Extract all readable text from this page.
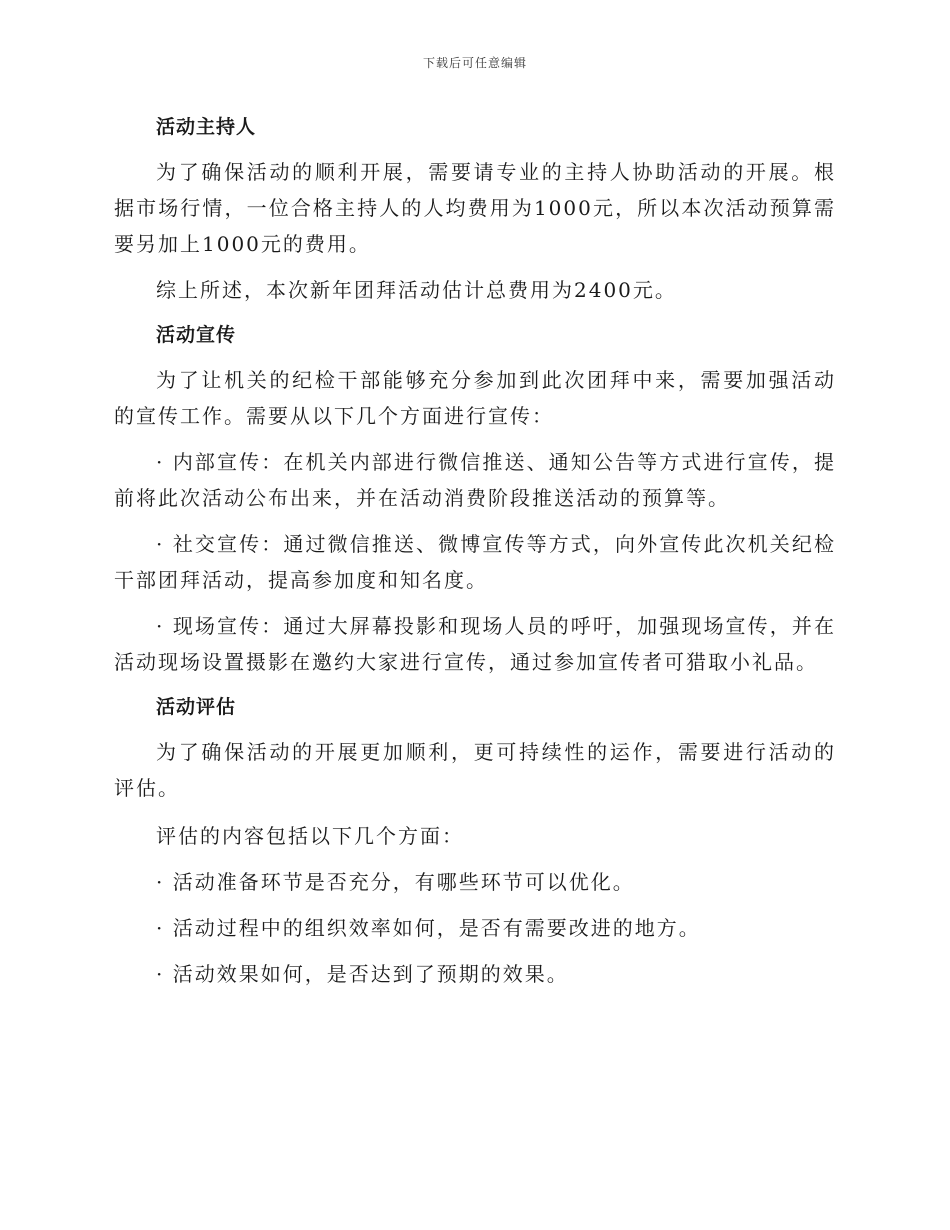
下载后可任意编辑
活动主持人

为了确保活动的顺利开展，需要请专业的主持人协助活动的开展。根据市场行情，一位合格主持人的人均费用为1000元，所以本次活动预算需要另加上1000元的费用。

综上所述，本次新年团拜活动估计总费用为2400元。

活动宣传

为了让机关的纪检干部能够充分参加到此次团拜中来，需要加强活动的宣传工作。需要从以下几个方面进行宣传：

· 内部宣传：在机关内部进行微信推送、通知公告等方式进行宣传，提前将此次活动公布出来，并在活动消费阶段推送活动的预算等。

· 社交宣传：通过微信推送、微博宣传等方式，向外宣传此次机关纪检干部团拜活动，提高参加度和知名度。

· 现场宣传：通过大屏幕投影和现场人员的呼吁，加强现场宣传，并在活动现场设置摄影在邀约大家进行宣传，通过参加宣传者可猎取小礼品。

活动评估

为了确保活动的开展更加顺利，更可持续性的运作，需要进行活动的评估。

评估的内容包括以下几个方面：

· 活动准备环节是否充分，有哪些环节可以优化。

· 活动过程中的组织效率如何，是否有需要改进的地方。

· 活动效果如何，是否达到了预期的效果。
